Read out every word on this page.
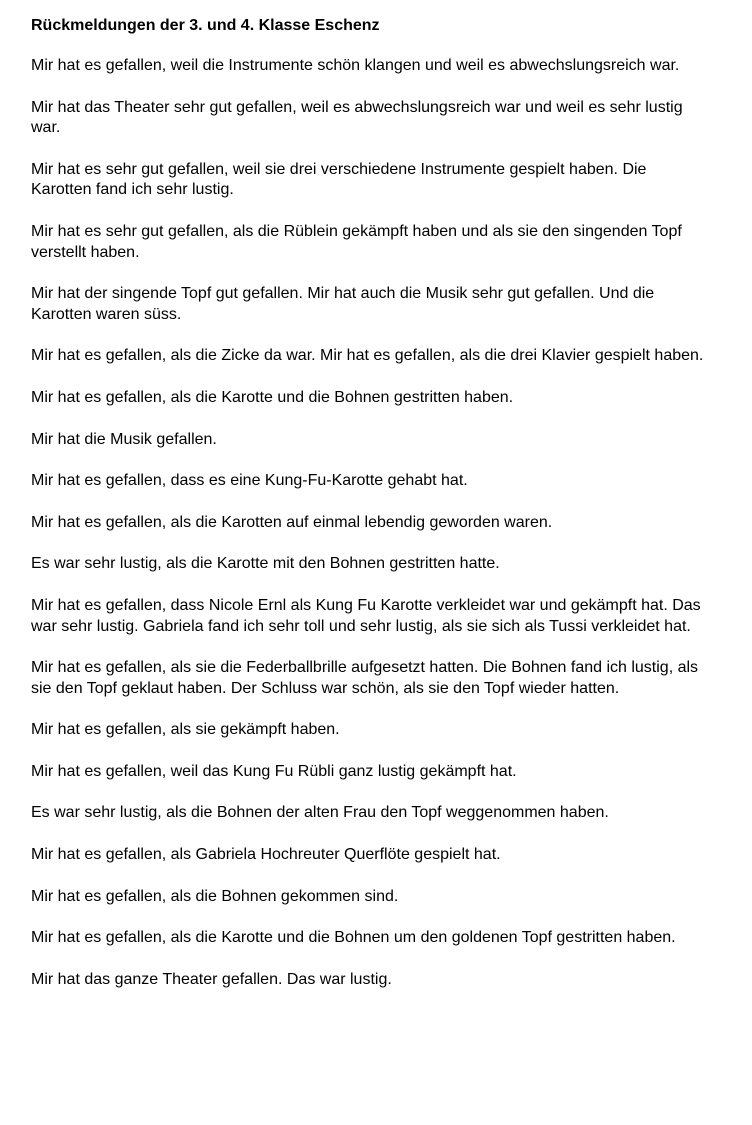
Rückmeldungen der 3. und 4. Klasse Eschenz

Mir hat es gefallen, weil die Instrumente schön klangen und weil es abwechslungsreich war.

Mir hat das Theater sehr gut gefallen, weil es abwechslungsreich war und weil es sehr lustig war.

Mir hat es sehr gut gefallen, weil sie drei verschiedene Instrumente gespielt haben. Die Karotten fand ich sehr lustig.

Mir hat es sehr gut gefallen, als die Rüblein gekämpft haben und als sie den singenden Topf verstellt haben.

Mir hat der singende Topf gut gefallen. Mir hat auch die Musik sehr gut gefallen. Und die Karotten waren süss.

Mir hat es gefallen, als die Zicke da war. Mir hat es gefallen, als die drei Klavier gespielt haben.

Mir hat es gefallen, als die Karotte und die Bohnen gestritten haben.

Mir hat die Musik gefallen.

Mir hat es gefallen, dass es eine Kung-Fu-Karotte gehabt hat.

Mir hat es gefallen, als die Karotten auf einmal lebendig geworden waren.

Es war sehr lustig, als die Karotte mit den Bohnen gestritten hatte.

Mir hat es gefallen, dass Nicole Ernl als Kung Fu Karotte verkleidet war und gekämpft hat. Das war sehr lustig. Gabriela fand ich sehr toll und sehr lustig, als sie sich als Tussi verkleidet hat.

Mir hat es gefallen, als sie die Federballbrille aufgesetzt hatten. Die Bohnen fand ich lustig, als sie den Topf geklaut haben. Der Schluss war schön, als sie den Topf wieder hatten.

Mir hat es gefallen, als sie gekämpft haben.

Mir hat es gefallen, weil das Kung Fu Rübli ganz lustig gekämpft hat.

Es war sehr lustig, als die Bohnen der alten Frau den Topf weggenommen haben.

Mir hat es gefallen, als Gabriela Hochreuter Querflöte gespielt hat.

Mir hat es gefallen, als die Bohnen gekommen sind.

Mir hat es gefallen, als die Karotte und die Bohnen um den goldenen Topf gestritten haben.

Mir hat das ganze Theater gefallen. Das war lustig.
